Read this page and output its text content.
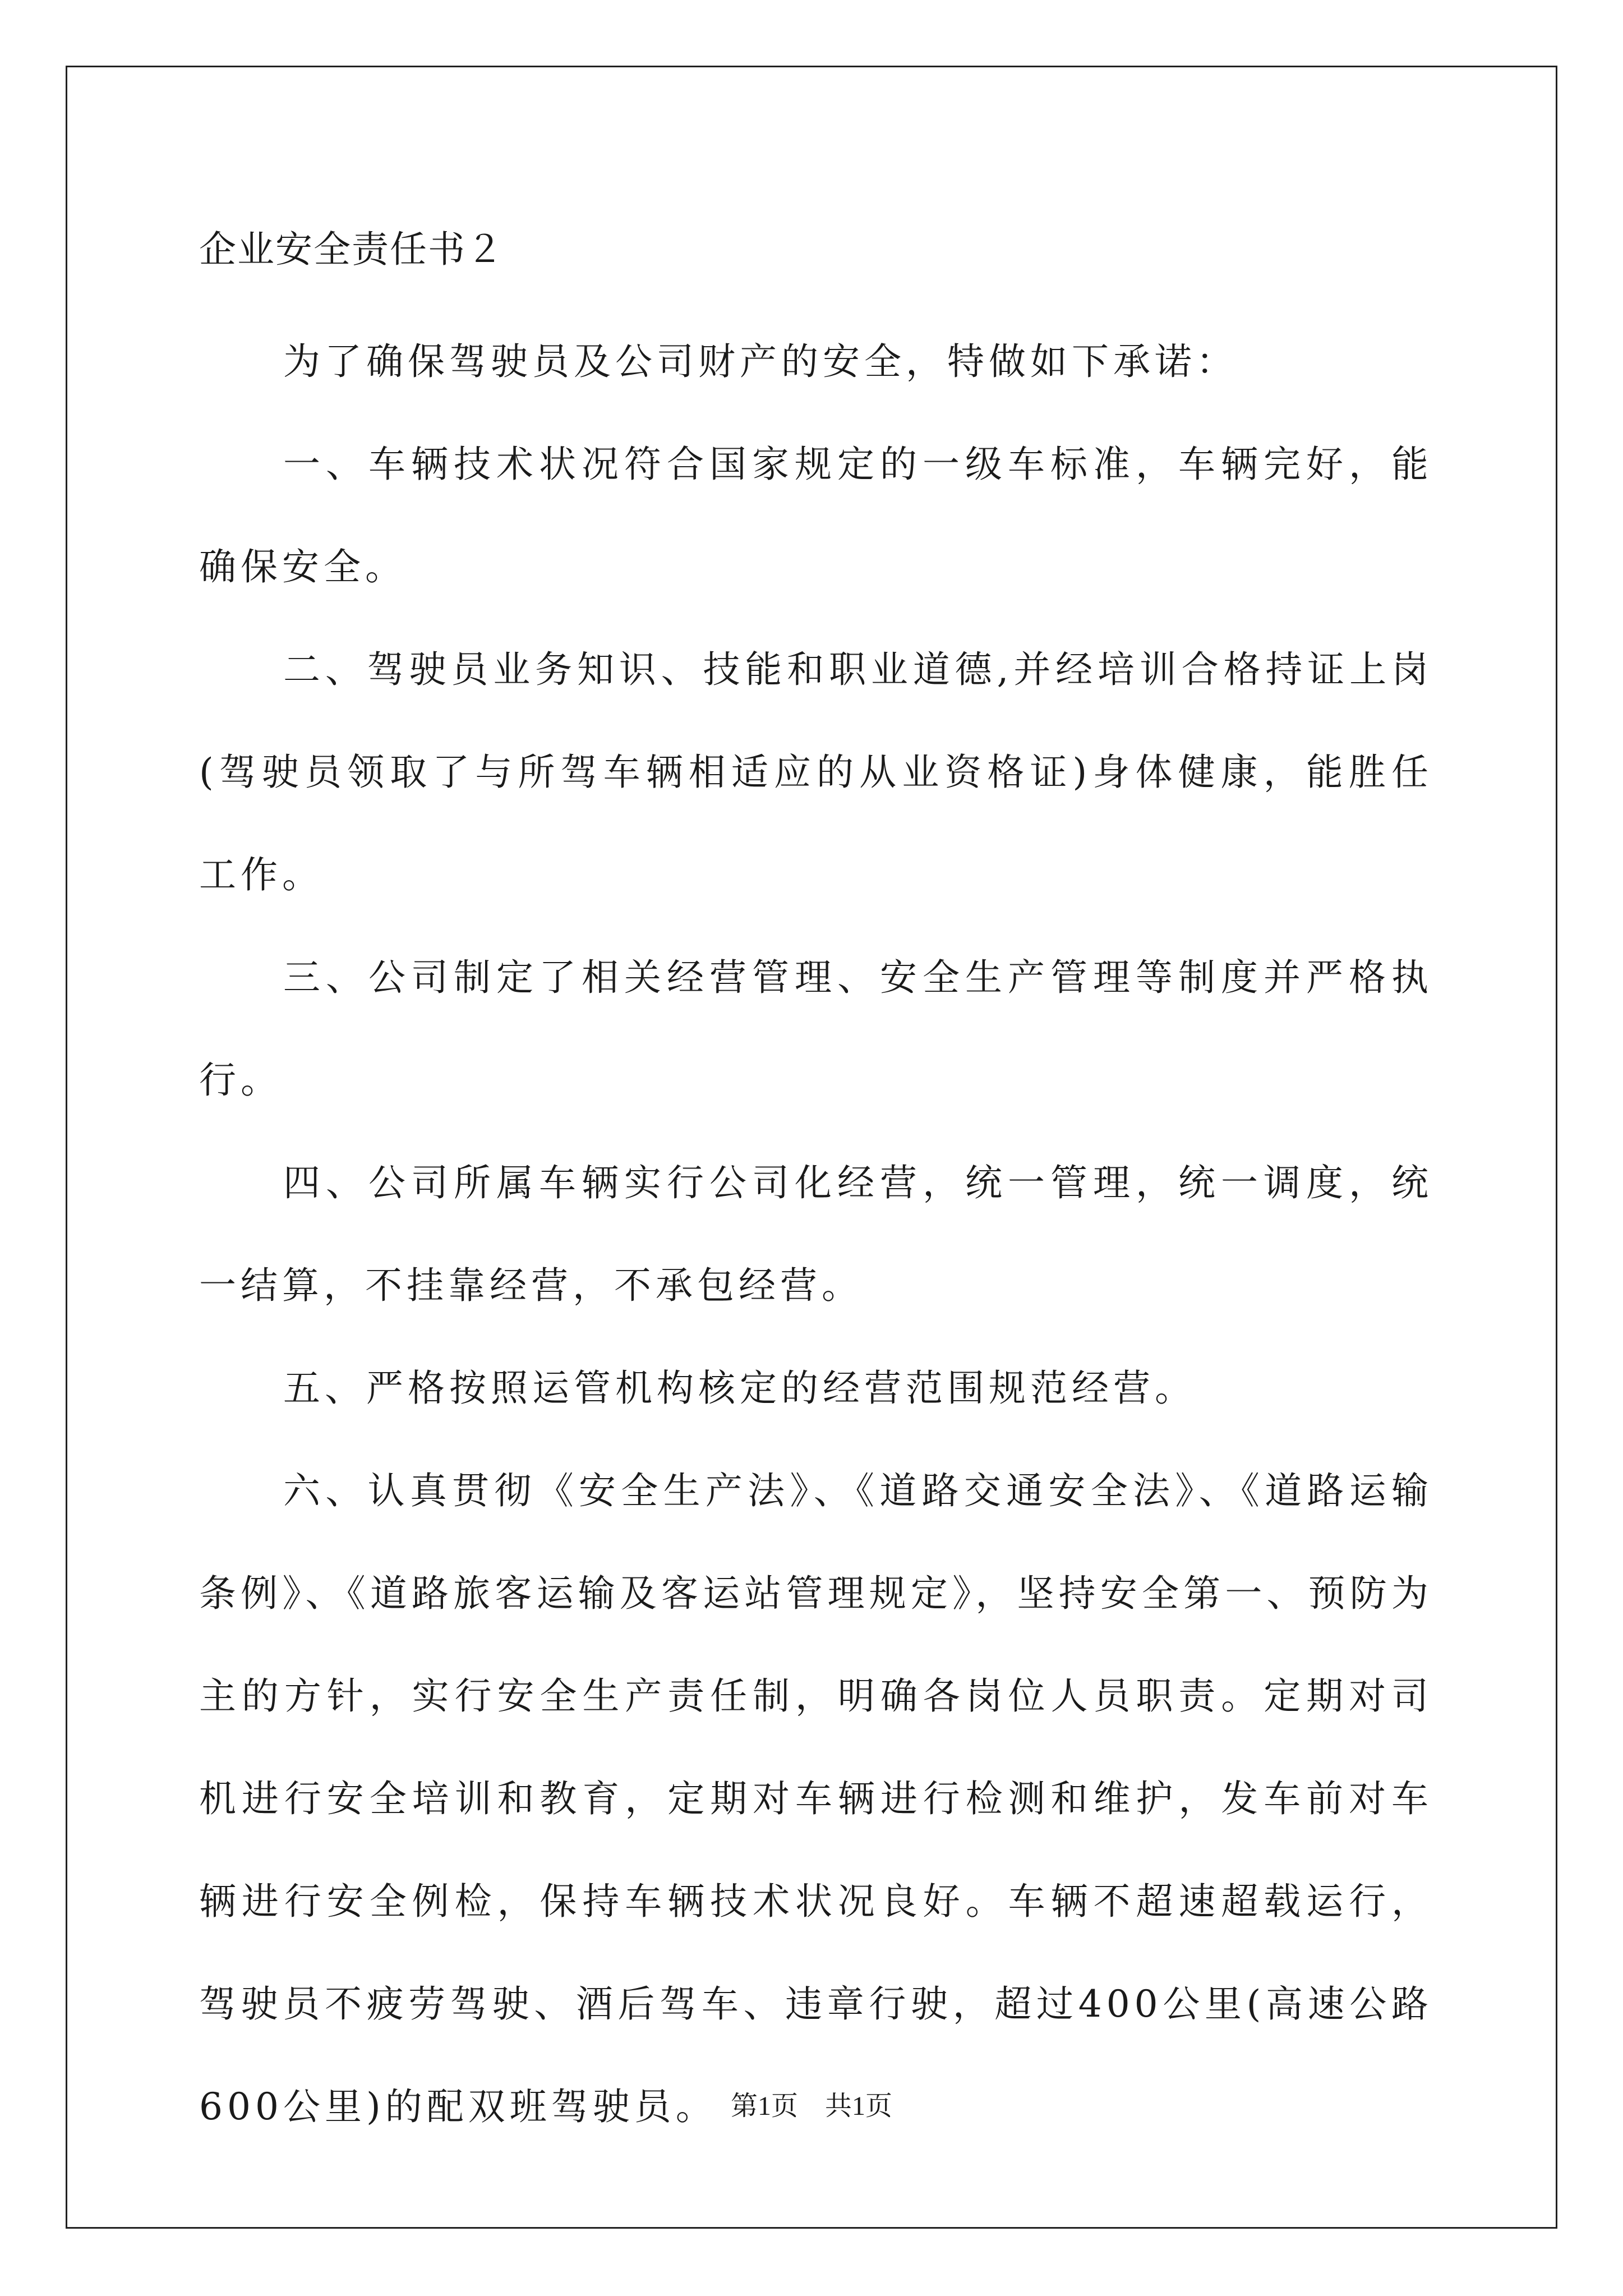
企业安全责任书２

为了确保驾驶员及公司财产的安全，特做如下承诺：

一、车辆技术状况符合国家规定的一级车标准，车辆完好，能确保安全。

二、驾驶员业务知识、技能和职业道德,并经培训合格持证上岗(驾驶员领取了与所驾车辆相适应的从业资格证)身体健康，能胜任工作。

三、公司制定了相关经营管理、安全生产管理等制度并严格执行。

四、公司所属车辆实行公司化经营，统一管理，统一调度，统一结算，不挂靠经营，不承包经营。

五、严格按照运管机构核定的经营范围规范经营。

六、认真贯彻《安全生产法》、《道路交通安全法》、《道路运输条例》、《道路旅客运输及客运站管理规定》，坚持安全第一、预防为主的方针，实行安全生产责任制，明确各岗位人员职责。定期对司机进行安全培训和教育，定期对车辆进行检测和维护，发车前对车辆进行安全例检，保持车辆技术状况良好。车辆不超速超载运行，驾驶员不疲劳驾驶、酒后驾车、违章行驶，超过400公里(高速公路600公里)的配双班驾驶员。 第1页　共1页
